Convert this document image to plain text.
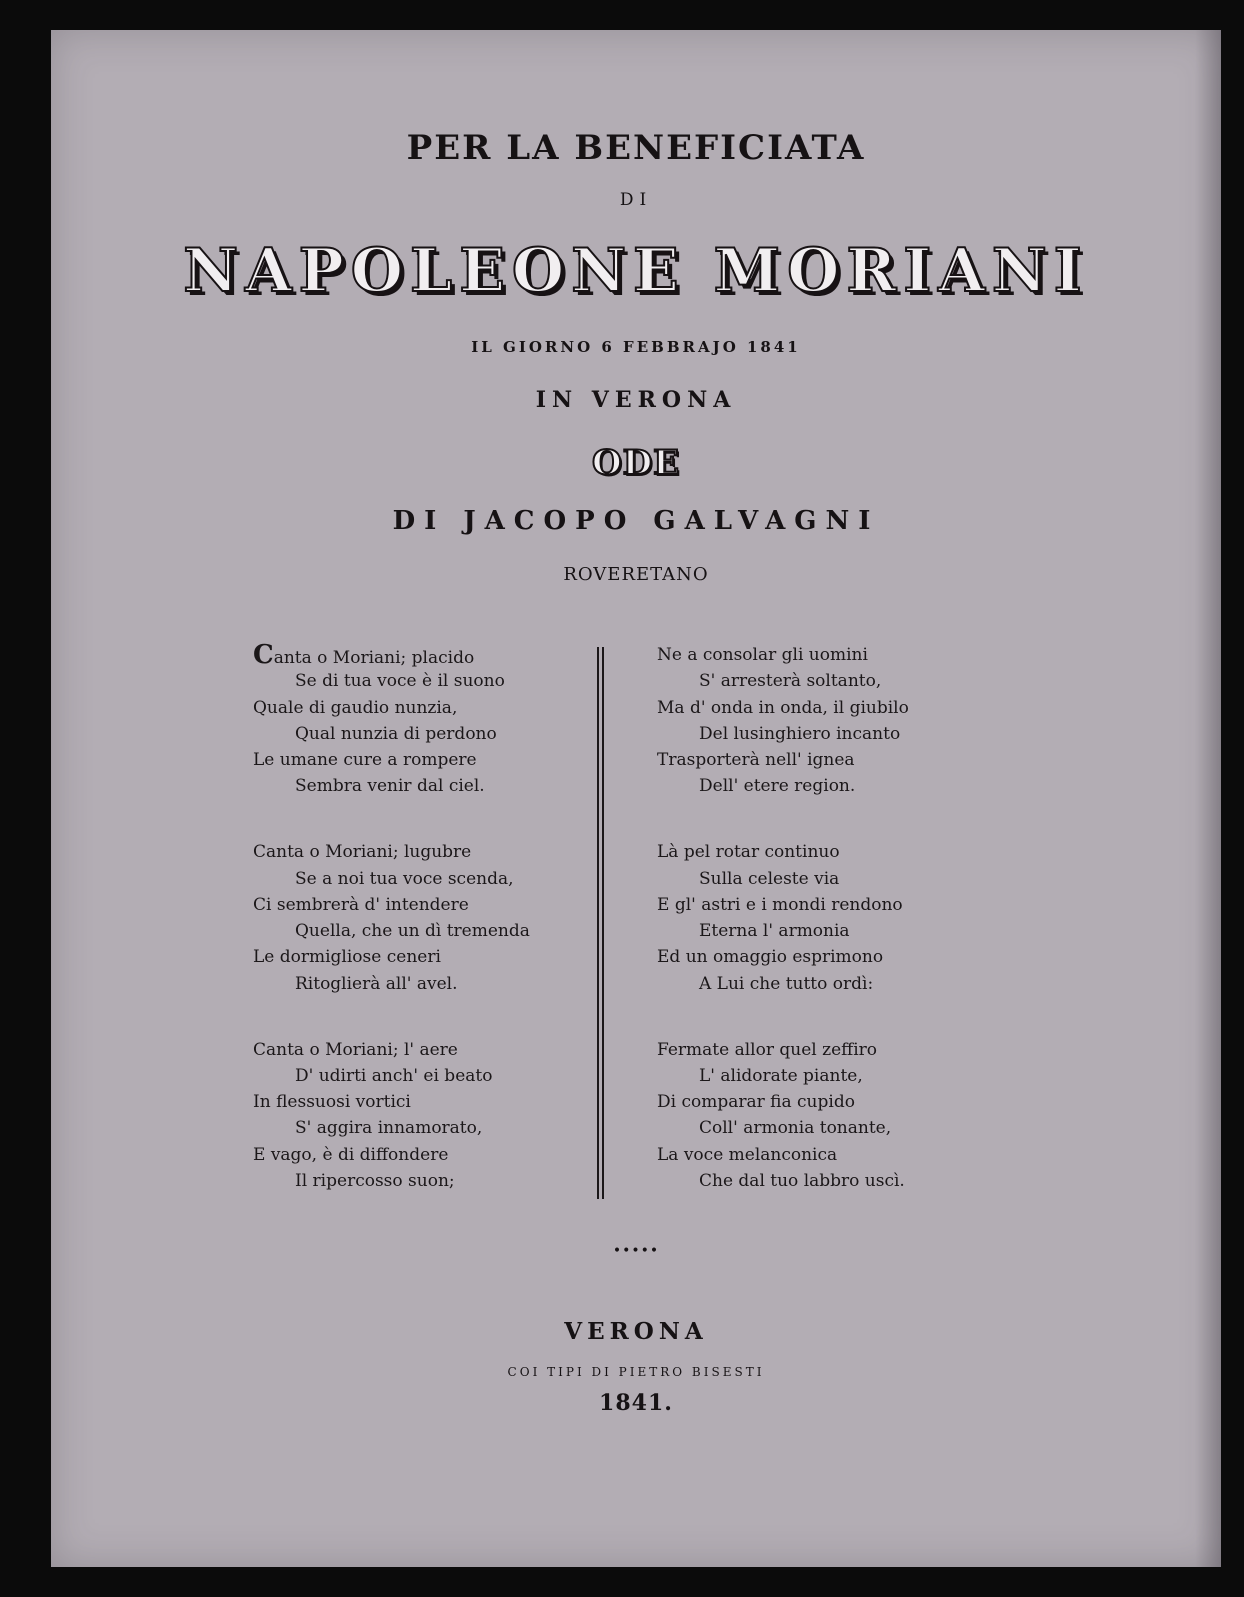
PER LA BENEFICIATA
DI
NAPOLEONE MORIANI
IL GIORNO 6 FEBBRAJO 1841
IN VERONA
ODE
DI JACOPO GALVAGNI
ROVERETANO
Canta o Moriani; placido
Se di tua voce è il suono
Quale di gaudio nunzia,
Qual nunzia di perdono
Le umane cure a rompere
Sembra venir dal ciel.
Canta o Moriani; lugubre
Se a noi tua voce scenda,
Ci sembrerà d' intendere
Quella, che un dì tremenda
Le dormigliose ceneri
Ritoglierà all' avel.
Canta o Moriani; l' aere
D' udirti anch' ei beato
In flessuosi vortici
S' aggira innamorato,
E vago, è di diffondere
Il ripercosso suon;
Ne a consolar gli uomini
S' arresterà soltanto,
Ma d' onda in onda, il giubilo
Del lusinghiero incanto
Trasporterà nell' ignea
Dell' etere region.
Là pel rotar continuo
Sulla celeste via
E gl' astri e i mondi rendono
Eterna l' armonia
Ed un omaggio esprimono
A Lui che tutto ordì:
Fermate allor quel zeffiro
L' alidorate piante,
Di comparar fia cupido
Coll' armonia tonante,
La voce melanconica
Che dal tuo labbro uscì.
•••••
VERONA
COI TIPI DI PIETRO BISESTI
1841.
